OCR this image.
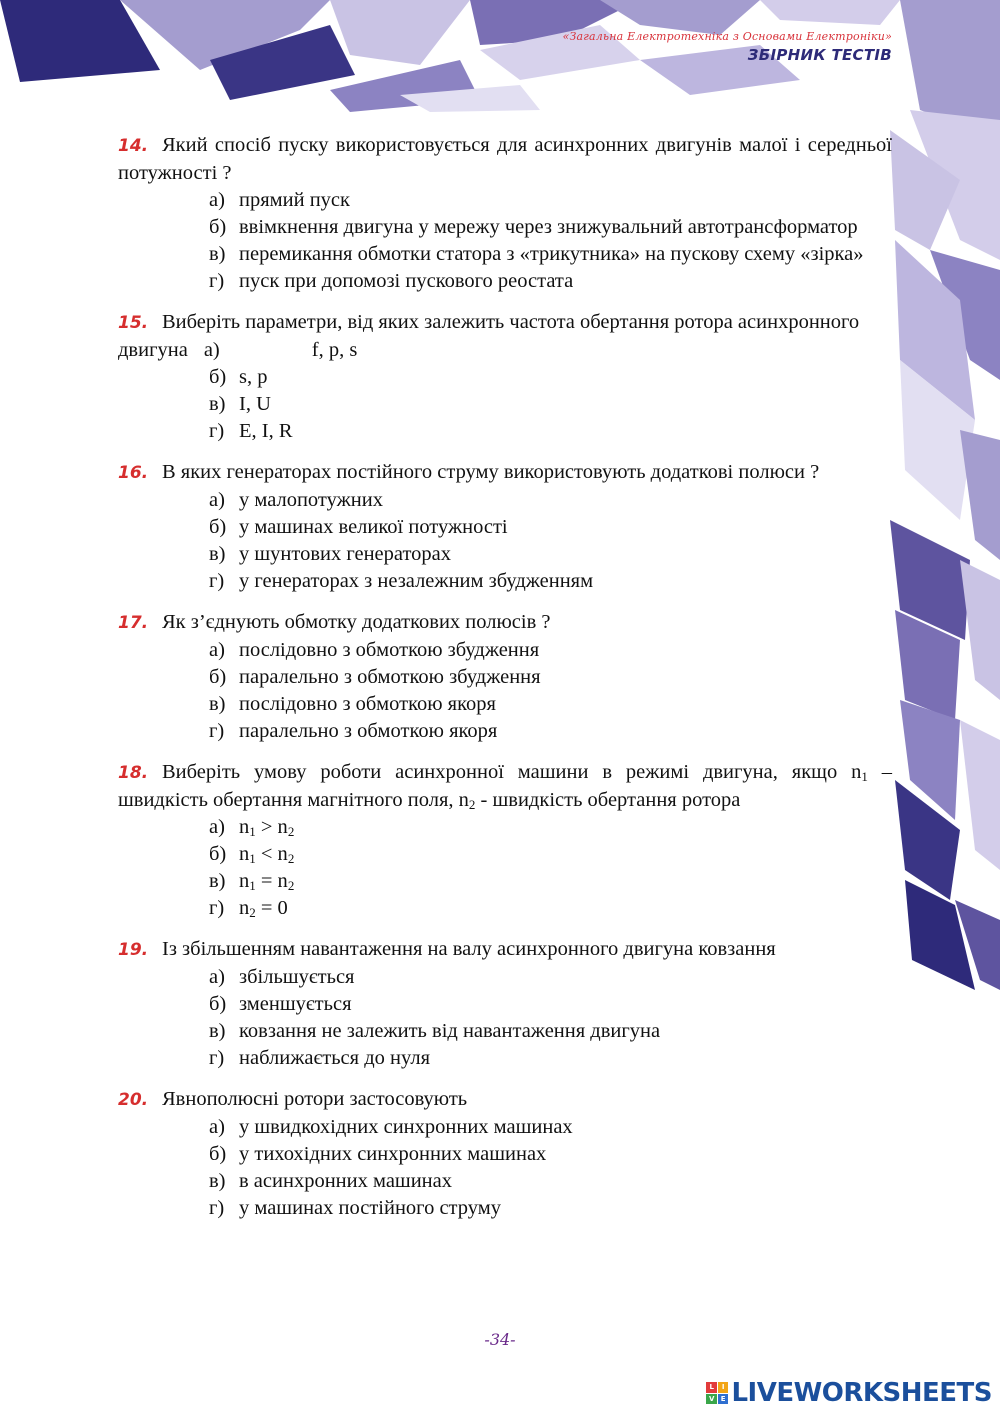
«Загальна Електротехніка з Основами Електроніки»
ЗБІРНИК ТЕСТІВ
14. Який спосіб пуску використовується для асинхронних двигунів малої і середньої потужності ?
а) прямий пуск
б) ввімкнення двигуна у мережу через знижувальний автотрансформатор
в) перемикання обмотки статора з «трикутника» на пускову схему «зірка»
г) пуск при допомозі пускового реостата
15. Виберіть параметри, від яких залежить частота обертання ротора асинхронного двигуна а)	f, p, s
б) s, p
в) I, U
г) E, I, R
16. В яких генераторах постійного струму використовують додаткові полюси ?
а) у малопотужних
б) у машинах великої потужності
в) у шунтових генераторах
г) у генераторах з незалежним збудженням
17. Як з’єднують обмотку додаткових полюсів ?
а) послідовно з обмоткою збудження
б) паралельно з обмоткою збудження
в) послідовно з обмоткою якоря
г) паралельно з обмоткою якоря
18. Виберіть умову роботи асинхронної машини в режимі двигуна, якщо $n_1$ – швидкість обертання магнітного поля, $n_2$ - швидкість обертання ротора
а) $n_1 > n_2$
б) $n_1 < n_2$
в) $n_1 = n_2$
г) $n_2 = 0$
19. Із збільшенням навантаження на валу асинхронного двигуна ковзання
а) збільшується
б) зменшується
в) ковзання не залежить від навантаження двигуна
г) наближається до нуля
20. Явнополюсні ротори застосовують
а) у швидкохідних синхронних машинах
б) у тихохідних синхронних машинах
в) в асинхронних машинах
г) у машинах постійного струму
-34-
L	I
V E LIVEWORKSHEETS
